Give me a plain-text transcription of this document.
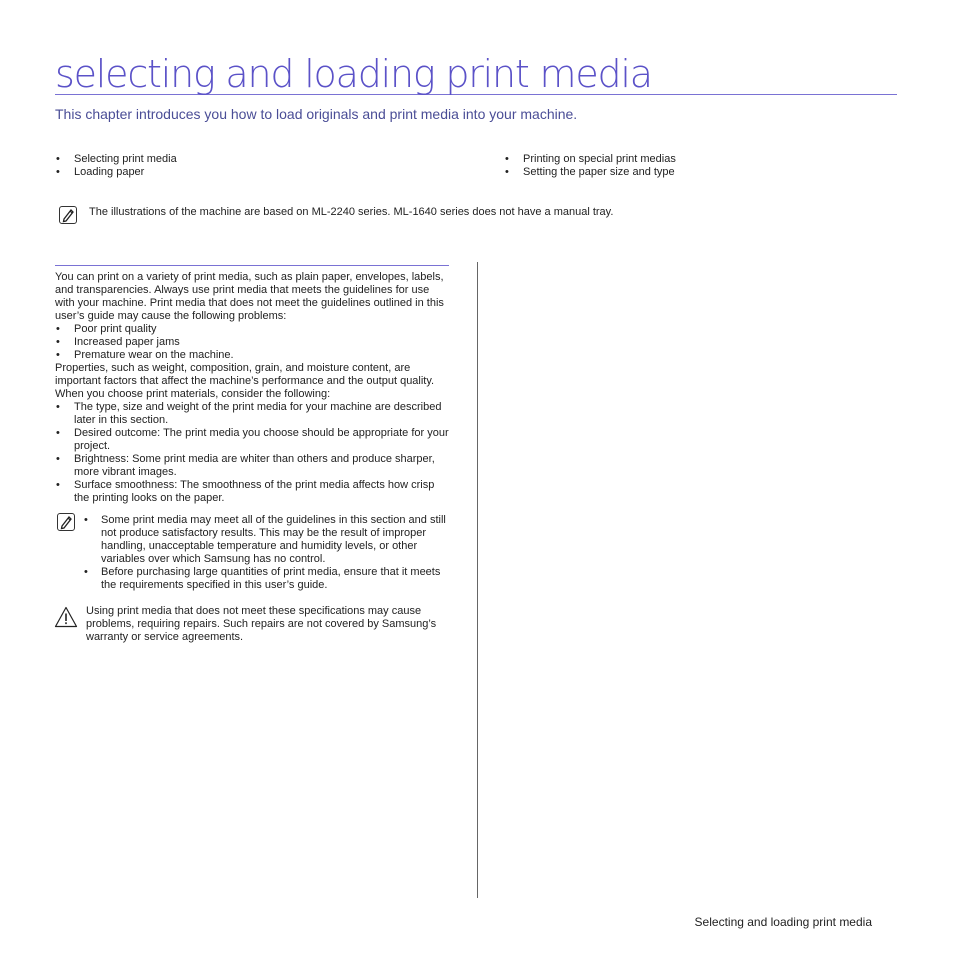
selecting and loading print media

This chapter introduces you how to load originals and print media into your machine.

• Selecting print media
• Loading paper
• Printing on special print medias
• Setting the paper size and type

The illustrations of the machine are based on ML-2240 series. ML-1640 series does not have a manual tray.

You can print on a variety of print media, such as plain paper, envelopes, labels, and transparencies. Always use print media that meets the guidelines for use with your machine. Print media that does not meet the guidelines outlined in this user’s guide may cause the following problems:

• Poor print quality
• Increased paper jams
• Premature wear on the machine.

Properties, such as weight, composition, grain, and moisture content, are important factors that affect the machine’s performance and the output quality. When you choose print materials, consider the following:

• The type, size and weight of the print media for your machine are described later in this section.
• Desired outcome: The print media you choose should be appropriate for your project.
• Brightness: Some print media are whiter than others and produce sharper, more vibrant images.
• Surface smoothness: The smoothness of the print media affects how crisp the printing looks on the paper.
• Some print media may meet all of the guidelines in this section and still not produce satisfactory results. This may be the result of improper handling, unacceptable temperature and humidity levels, or other variables over which Samsung has no control.
• Before purchasing large quantities of print media, ensure that it meets the requirements specified in this user’s guide.

Using print media that does not meet these specifications may cause problems, requiring repairs. Such repairs are not covered by Samsung’s warranty or service agreements.

Selecting and loading print media
